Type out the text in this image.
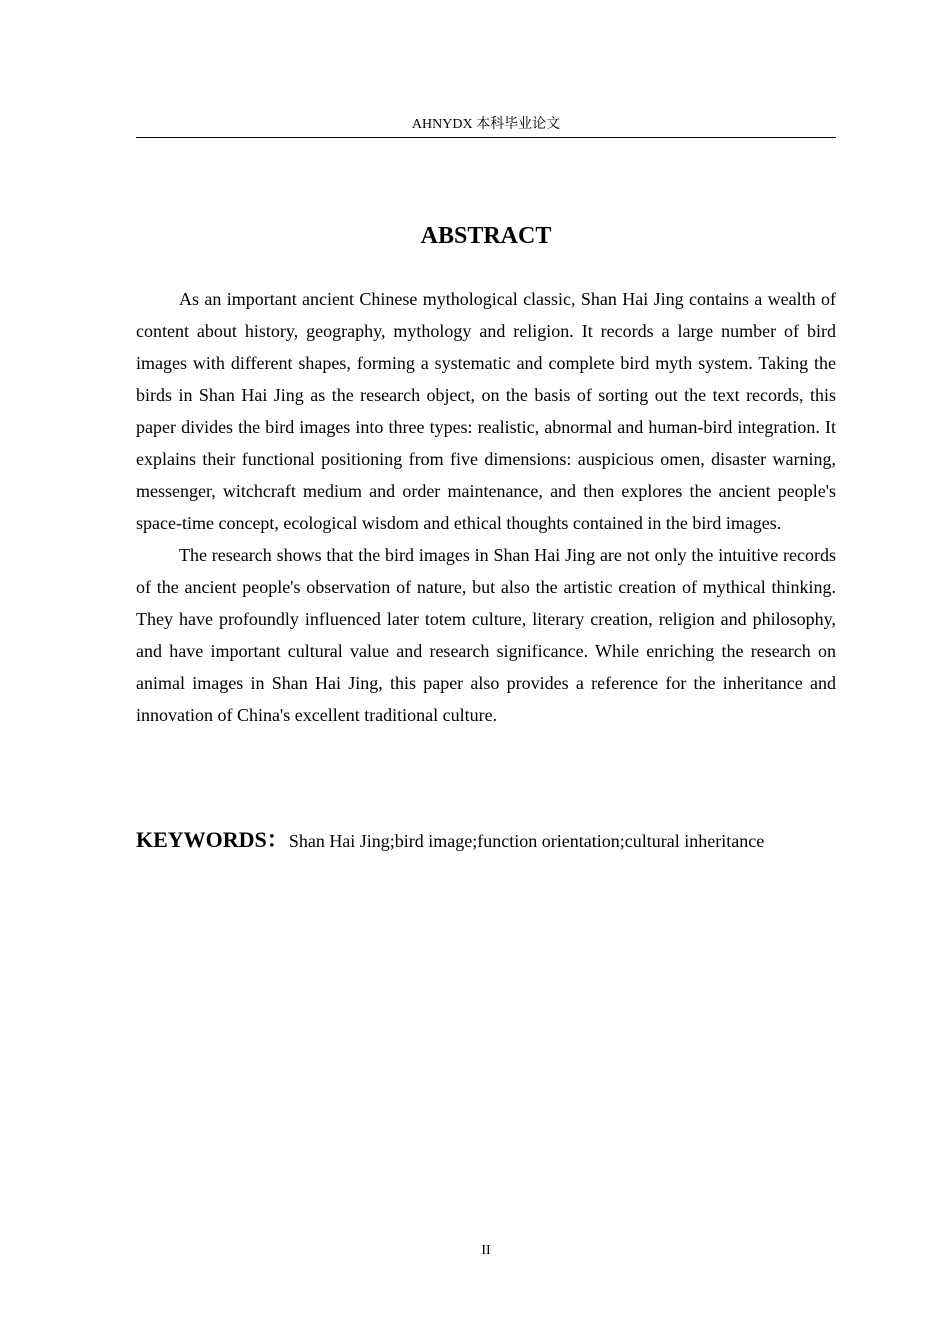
AHNYDX 本科毕业论文
ABSTRACT

As an important ancient Chinese mythological classic, Shan Hai Jing contains a wealth of content about history, geography, mythology and religion. It records a large number of bird images with different shapes, forming a systematic and complete bird myth system. Taking the birds in Shan Hai Jing as the research object, on the basis of sorting out the text records, this paper divides the bird images into three types: realistic, abnormal and human-bird integration. It explains their functional positioning from five dimensions: auspicious omen, disaster warning, messenger, witchcraft medium and order maintenance, and then explores the ancient people's space-time concept, ecological wisdom and ethical thoughts contained in the bird images.

The research shows that the bird images in Shan Hai Jing are not only the intuitive records of the ancient people's observation of nature, but also the artistic creation of mythical thinking. They have profoundly influenced later totem culture, literary creation, religion and philosophy, and have important cultural value and research significance. While enriching the research on animal images in Shan Hai Jing, this paper also provides a reference for the inheritance and innovation of China's excellent traditional culture.

KEYWORDS：Shan Hai Jing;bird image;function orientation;cultural inheritance
II
